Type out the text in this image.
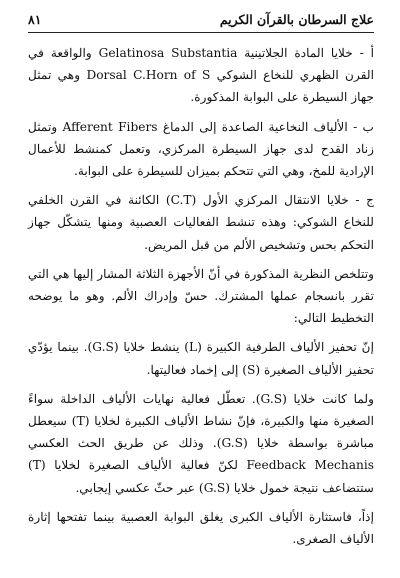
علاج السرطان بالقرآن الكريم
٨١

أ - خلايا المادة الجلاتينية Gelatinosa Substantia والواقعة في القرن الظهري للنخاع الشوكي Dorsal C.Horn of S وهي تمثل جهاز السيطرة على البوابة المذكورة.

ب - الألياف النخاعية الصاعدة إلى الدماغ Afferent Fibers وتمثل زناد القدح لدى جهاز السيطرة المركزي، وتعمل كمنشط للأعمال الإرادية للمخ، وهي التي تتحكم بميزان للسيطرة على البوابة.

ج - خلايا الانتقال المركزي الأول (C.T) الكائنة في القرن الخلفي للنخاع الشوكي: وهذه تنشط الفعاليات العصبية ومنها يتشكّل جهاز التحكم بحس وتشخيص الألم من قبل المريض.

وتتلخص النظرية المذكورة في أنّ الأجهزة الثلاثة المشار إليها هي التي تقرر بانسجام عملها المشترك. حسّ وإدراك الألم. وهو ما يوضحه التخطيط التالي:

إنّ تحفيز الألياف الطرفية الكبيرة (L) ينشط خلايا (G.S). بينما يؤدّي تحفيز الألياف الصغيرة (S) إلى إخماد فعاليتها.

ولما كانت خلايا (G.S). تعطّل فعالية نهايات الألياف الداخلة سواءً الصغيرة منها والكبيرة، فإنّ نشاط الألياف الكبيرة لخلايا (T) سيعطل مباشرة بواسطة خلايا (G.S). وذلك عن طريق الحث العكسي Feedback Mechanis لكنّ فعالية الألياف الصغيرة لخلايا (T) ستتضاعف نتيجة خمول خلايا (G.S) عبر حثّ عكسي إيجابي.

إذاً، فاستثارة الألياف الكبرى يغلق البوابة العصبية بينما تفتحها إثارة الألياف الصغرى.
